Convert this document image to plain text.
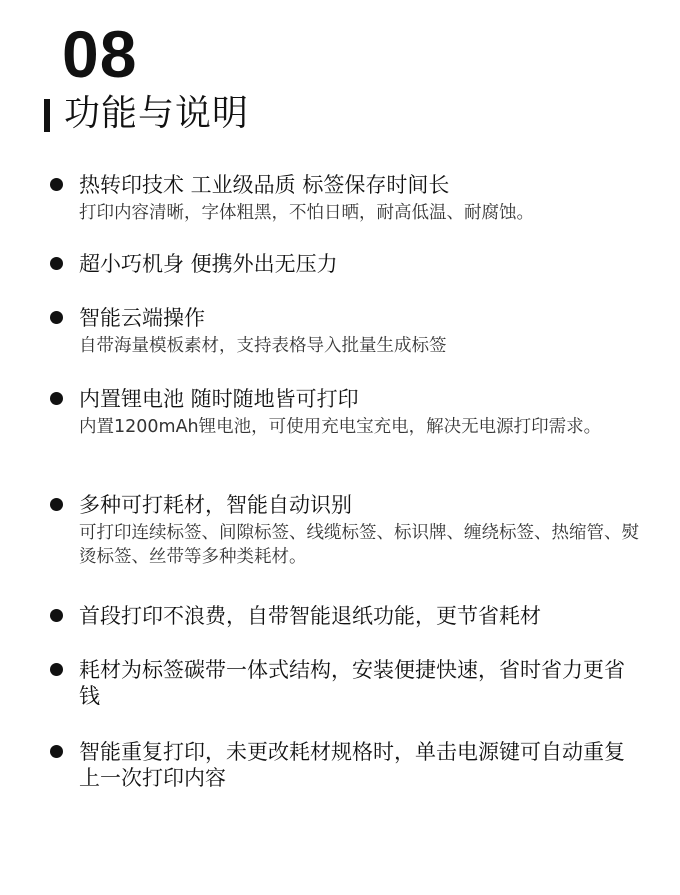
08
功能与说明
热转印技术 工业级品质 标签保存时间长
打印内容清晰，字体粗黑，不怕日晒，耐高低温、耐腐蚀。
超小巧机身 便携外出无压力
智能云端操作
自带海量模板素材，支持表格导入批量生成标签
内置锂电池 随时随地皆可打印
内置1200mAh锂电池，可使用充电宝充电，解决无电源打印需求。
多种可打耗材，智能自动识别
可打印连续标签、间隙标签、线缆标签、标识牌、缠绕标签、热缩管、熨烫标签、丝带等多种类耗材。
首段打印不浪费，自带智能退纸功能，更节省耗材
耗材为标签碳带一体式结构，安装便捷快速，省时省力更省钱
智能重复打印，未更改耗材规格时，单击电源键可自动重复上一次打印内容
